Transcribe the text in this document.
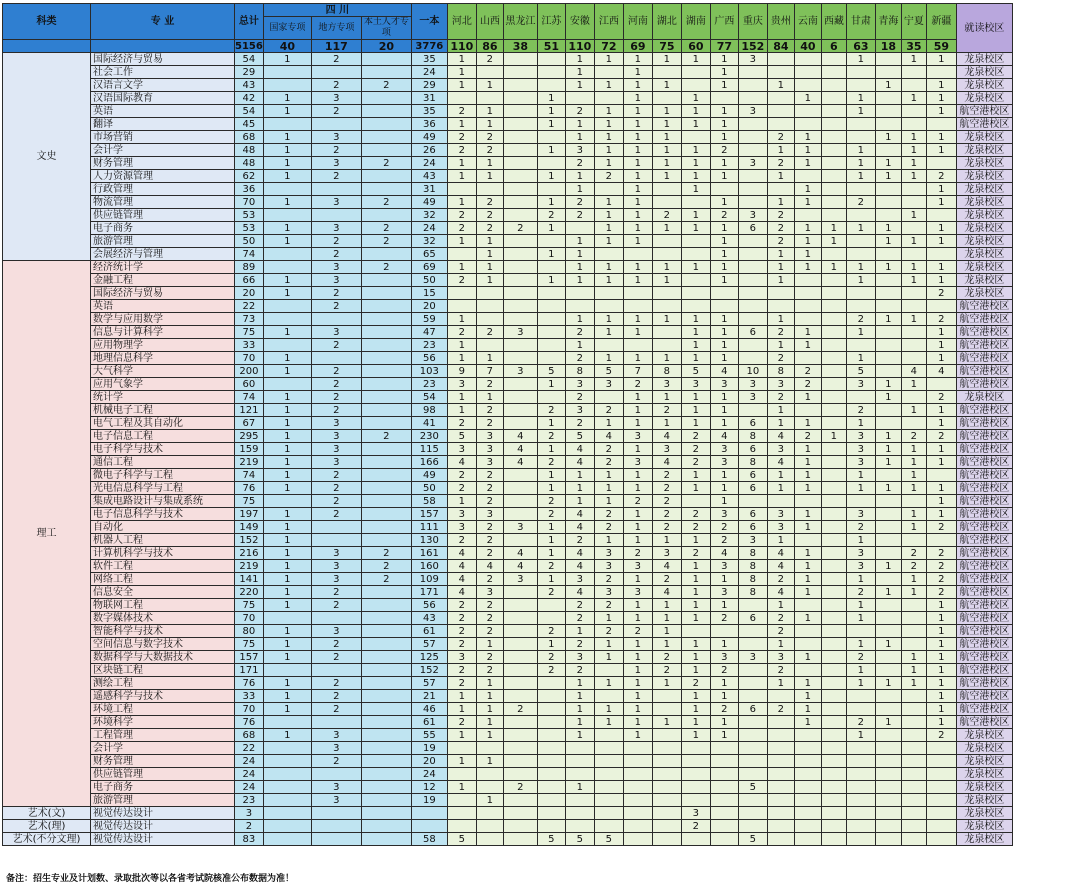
科类	专 业	总计	四 川			一本	河北	山西	黑龙江	江苏	安徽	江西	河南	湖北	湖南	广西	重庆	贵州	云南	西藏	甘肃	青海	宁夏	新疆	就读校区
			国家专项	地方专项	本土人才专项																				
		5156	40	117	20	3776	110	86	38	51	110	72	69	75	60	77	152	84	40	6	63	18	35	59	
文史	国际经济与贸易	54	1	2		35	1	2			1	1	1	1	1	1	3				1		1	1	龙泉校区
	社会工作	29				24	1				1		1			1									龙泉校区
	汉语言文学	43		2	2	29	1	1			1	1	1	1		1		1				1		1	龙泉校区
	汉语国际教育	42	1	3		31				1			1		1				1		1		1	1	龙泉校区
	英语	54	1	2		35	2	1		1	2	1	1	1	1	1	3				1			1	航空港校区
	翻译	45				36	1	1		1	1	1	1	1	1	1									航空港校区
	市场营销	68	1	3		49	2	2			1	1	1	1		1		2	1			1	1	1	龙泉校区
	会计学	48	1	2		26	2	2		1	3	1	1	1	1	2		1	1		1		1	1	龙泉校区
	财务管理	48	1	3	2	24	1	1			2	1	1	1	1	1	3	2	1		1	1	1		龙泉校区
	人力资源管理	62	1	2		43	1	1		1	1	2	1	1	1	1		1			1	1	1	2	龙泉校区
	行政管理	36				31					1		1		1				1					1	龙泉校区
	物流管理	70	1	3	2	49	1	2		1	2	1	1			1		1	1		2			1	龙泉校区
	供应链管理	53				32	2	2		2	2	1	1	2	1	2	3	2					1		龙泉校区
	电子商务	53	1	3	2	24	2	2	2	1		1	1	1	1	1	6	2	1	1	1	1		1	龙泉校区
	旅游管理	50	1	2	2	32	1	1			1	1	1			1		2	1	1		1	1	1	龙泉校区
	会展经济与管理	74		2		65		1		1	1					1		1	1						龙泉校区
理工	经济统计学	89		3	2	69	1	1			1	1	1	1	1	1		1	1	1	1	1	1	1	龙泉校区
	金融工程	66	1	3		50	2	1		1	1	1	1	1		1		1			1		1	1	龙泉校区
	国际经济与贸易	20	1	2		15																		2	龙泉校区
	英语	22		2		20																			航空港校区
	数学与应用数学	73				59	1				1	1	1	1	1	1		1			2	1	1	2	航空港校区
	信息与计算科学	75	1	3		47	2	2	3		2	1	1		1	1	6	2	1		1			1	航空港校区
	应用物理学	33		2		23	1				1				1	1		1	1					1	航空港校区
	地理信息科学	70	1			56	1	1			2	1	1	1	1	1		2			1			1	航空港校区
	大气科学	200	1	2		103	9	7	3	5	8	5	7	8	5	4	10	8	2		5		4	4	航空港校区
	应用气象学	60		2		23	3	2		1	3	3	2	3	3	3	3	3	2		3	1	1		航空港校区
	统计学	74	1	2		54	1	1			2		1	1	1	1	3	2	1			1		2	龙泉校区
	机械电子工程	121	1	2		98	1	2		2	3	2	1	2	1	1		1			2		1	1	航空港校区
	电气工程及其自动化	67	1	3		41	2	2		1	2	1	1	1	1	1	6	1	1		1			1	航空港校区
	电子信息工程	295	1	3	2	230	5	3	4	2	5	4	3	4	2	4	8	4	2	1	3	1	2	2	航空港校区
	电子科学与技术	159	1	3		115	3	3	4	1	4	2	1	3	2	3	6	3	1		3	1	1	1	航空港校区
	通信工程	219	1	3		166	4	3	4	2	4	2	3	4	2	3	8	4	1		3	1	1	1	航空港校区
	微电子科学与工程	74	1	2		49	2	2		1	1	1	1	2	1	1	6	1	1		1		1		航空港校区
	光电信息科学与工程	76	1	2		50	2	2		1	1	1	1	2	1	1	6	1	1		1	1	1	1	航空港校区
	集成电路设计与集成系统	75		2		58	1	2		2	1	1	2	2		1								1	航空港校区
	电子信息科学与技术	197	1	2		157	3	3		2	4	2	1	2	2	3	6	3	1		3		1	1	航空港校区
	自动化	149	1			111	3	2	3	1	4	2	1	2	2	2	6	3	1		2		1	2	航空港校区
	机器人工程	152	1			130	2	2		1	2	1	1	1	1	2	3	1			1				航空港校区
	计算机科学与技术	216	1	3	2	161	4	2	4	1	4	3	2	3	2	4	8	4	1		3		2	2	航空港校区
	软件工程	219	1	3	2	160	4	4	4	2	4	3	3	4	1	3	8	4	1		3	1	2	2	航空港校区
	网络工程	141	1	3	2	109	4	2	3	1	3	2	1	2	1	1	8	2	1		1		1	2	航空港校区
	信息安全	220	1	2		171	4	3		2	4	3	3	4	1	3	8	4	1		2	1	1	2	航空港校区
	物联网工程	75	1	2		56	2	2			2	2	1	1	1	1		1			1			1	航空港校区
	数字媒体技术	70				43	2	2			2	1	1	1	1	2	6	2	1		1			1	航空港校区
	智能科学与技术	80	1	3		61	2	2		2	1	2	2	1				2						1	航空港校区
	空间信息与数字技术	75	1	2		57	2	1		1	2	1	1	1	1	1		1			1	1		1	航空港校区
	数据科学与大数据技术	157	1	2		125	3	2		2	3	1	1	2	1	3	3	3	1		2		1	1	航空港校区
	区块链工程	171				152	2	2		2	2		1	2	1	2		2			1		1	1	航空港校区
	测绘工程	76	1	2		57	2	1			1	1	1	1	2	1		1	1		1	1	1	1	航空港校区
	遥感科学与技术	33	1	2		21	1	1			1		1		1	1			1					1	航空港校区
	环境工程	70	1	2		46	1	1	2		1	1	1		1	2	6	2	1					1	航空港校区
	环境科学	76				61	2	1			1	1	1	1	1	1			1		2	1		1	航空港校区
	工程管理	68	1	3		55	1	1			1		1		1	1					1			2	龙泉校区
	会计学	22		3		19																			龙泉校区
	财务管理	24		2		20	1	1																	龙泉校区
	供应链管理	24				24																			龙泉校区
	电子商务	24		3		12	1		2		1						5								龙泉校区
	旅游管理	23		3		19		1																	龙泉校区
艺术(文)	视觉传达设计	3													3										龙泉校区
艺术(理)	视觉传达设计	2													2										龙泉校区
艺术(不分文理)	视觉传达设计	83				58	5			5	5	5					5								龙泉校区
备注：招生专业及计划数、录取批次等以各省考试院核准公布数据为准！
